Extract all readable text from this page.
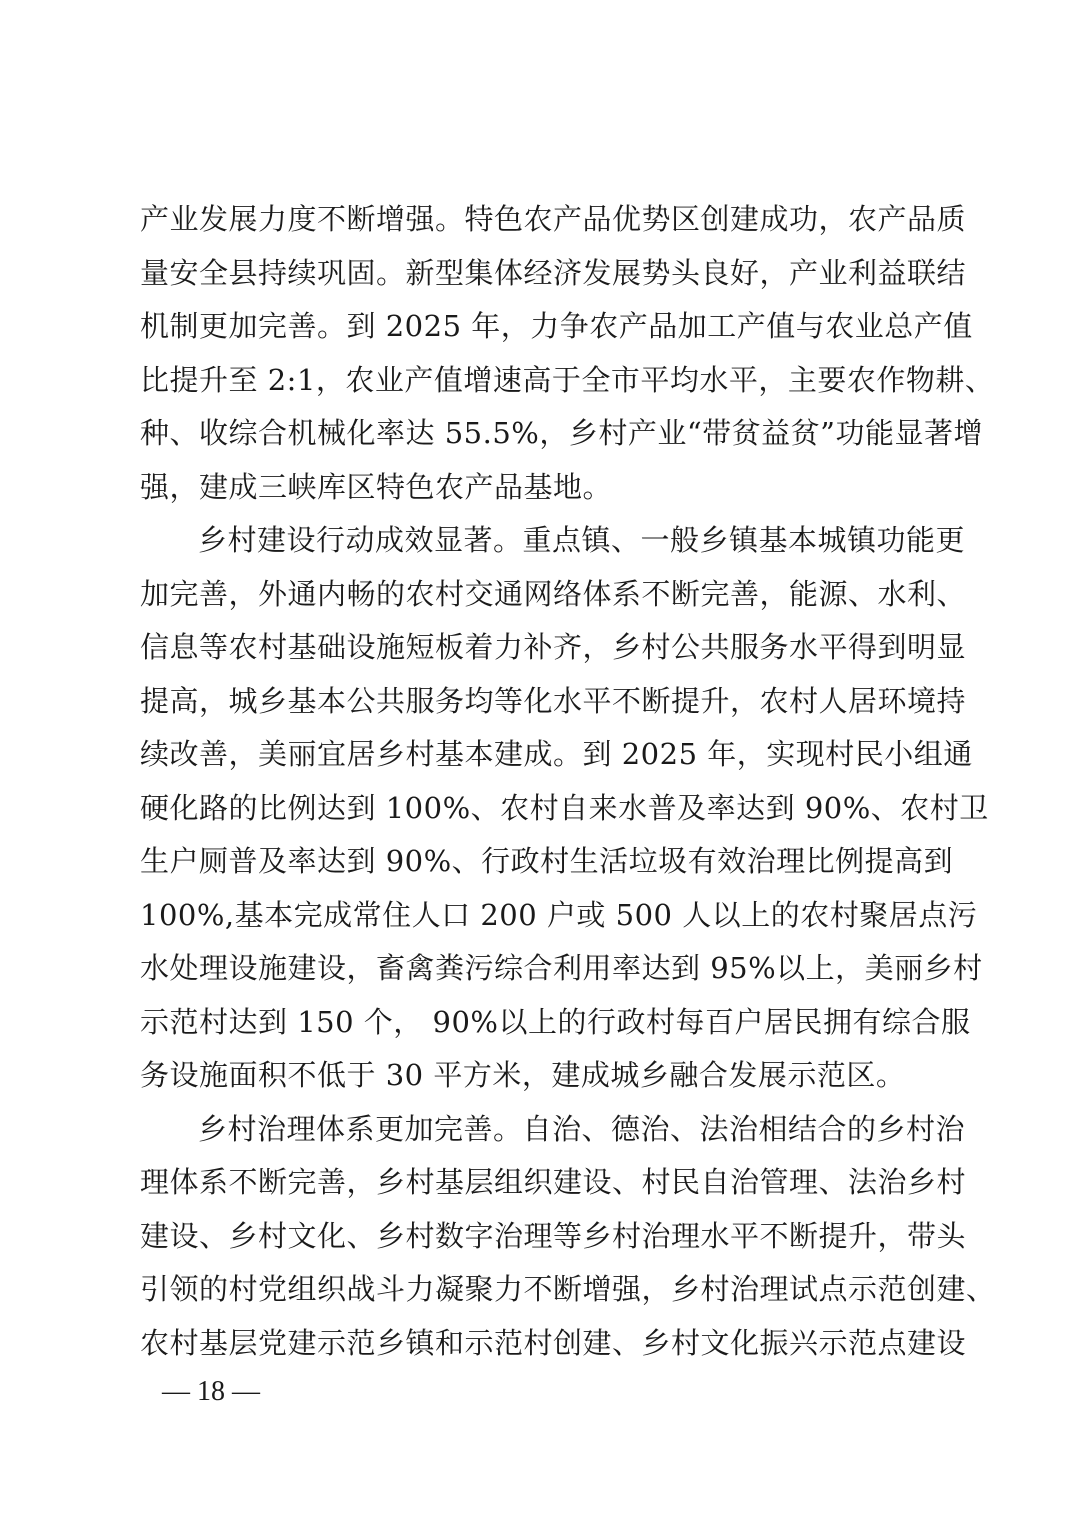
产业发展力度不断增强。特色农产品优势区创建成功，农产品质
量安全县持续巩固。新型集体经济发展势头良好，产业利益联结
机制更加完善。到 2025 年，力争农产品加工产值与农业总产值
比提升至 2:1，农业产值增速高于全市平均水平，主要农作物耕、
种、收综合机械化率达 55.5%，乡村产业“带贫益贫”功能显著增
强，建成三峡库区特色农产品基地。
乡村建设行动成效显著。重点镇、一般乡镇基本城镇功能更
加完善，外通内畅的农村交通网络体系不断完善，能源、水利、
信息等农村基础设施短板着力补齐，乡村公共服务水平得到明显
提高，城乡基本公共服务均等化水平不断提升，农村人居环境持
续改善，美丽宜居乡村基本建成。到 2025 年，实现村民小组通
硬化路的比例达到 100%、农村自来水普及率达到 90%、农村卫
生户厕普及率达到 90%、行政村生活垃圾有效治理比例提高到
100%,基本完成常住人口 200 户或 500 人以上的农村聚居点污
水处理设施建设，畜禽粪污综合利用率达到 95%以上，美丽乡村
示范村达到 150 个， 90%以上的行政村每百户居民拥有综合服
务设施面积不低于 30 平方米，建成城乡融合发展示范区。
乡村治理体系更加完善。自治、德治、法治相结合的乡村治
理体系不断完善，乡村基层组织建设、村民自治管理、法治乡村
建设、乡村文化、乡村数字治理等乡村治理水平不断提升，带头
引领的村党组织战斗力凝聚力不断增强，乡村治理试点示范创建、
农村基层党建示范乡镇和示范村创建、乡村文化振兴示范点建设
— 18 —
